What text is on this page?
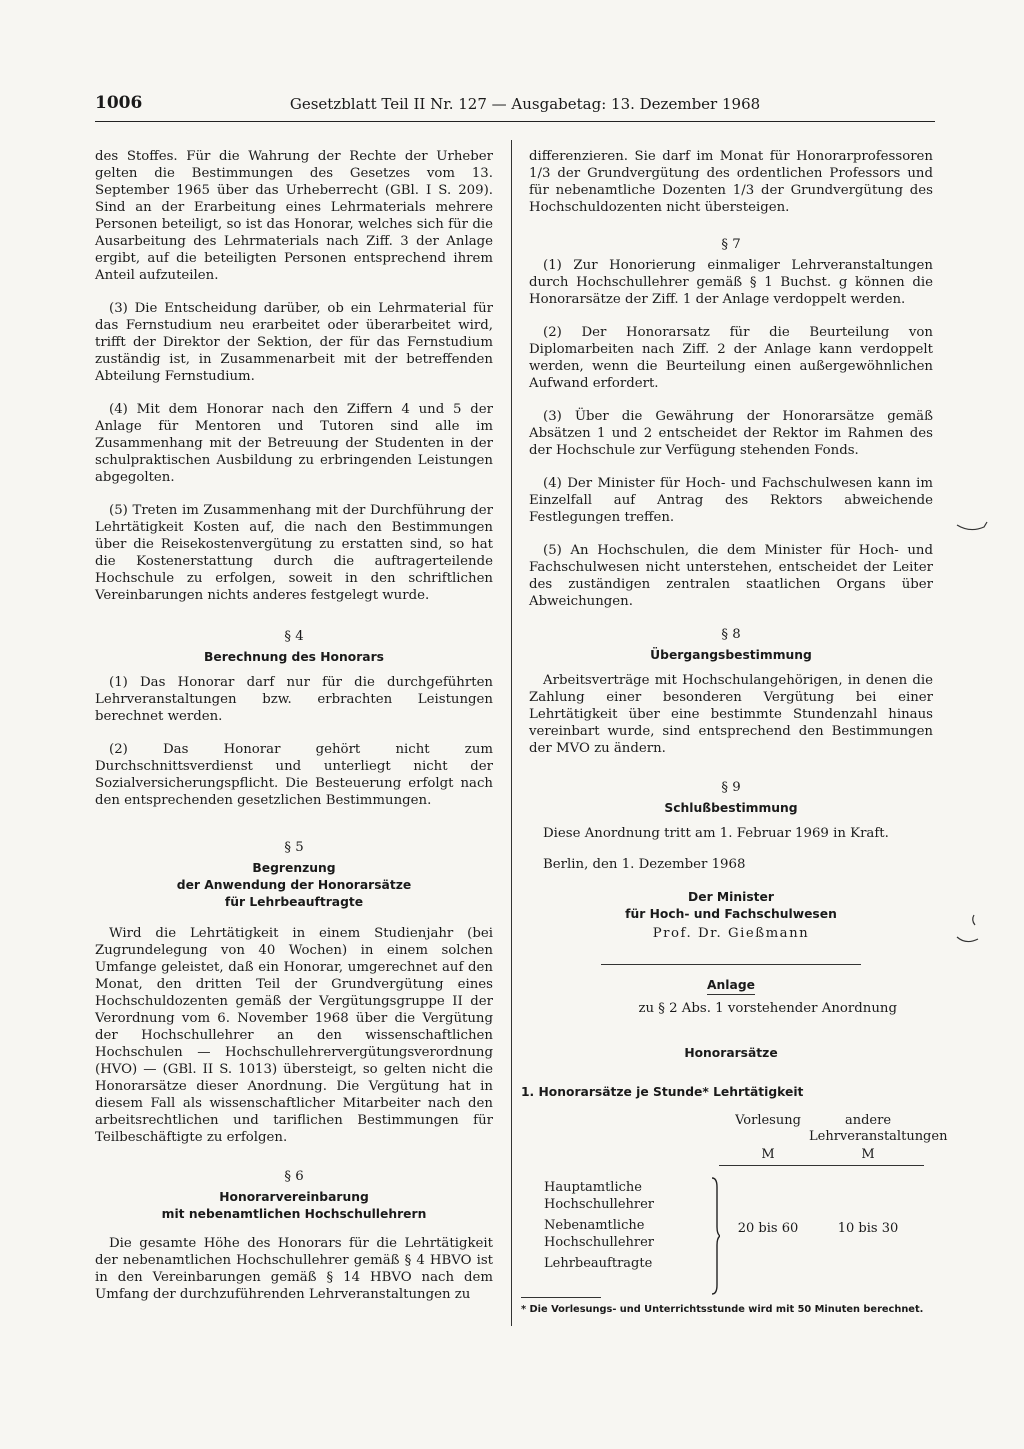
1006	Gesetzblatt Teil II Nr. 127 — Ausgabetag: 13. Dezember 1968

des Stoffes. Für die Wahrung der Rechte der Urheber gelten die Bestimmungen des Gesetzes vom 13. September 1965 über das Urheberrecht (GBl. I S. 209). Sind an der Erarbeitung eines Lehrmaterials mehrere Personen beteiligt, so ist das Honorar, welches sich für die Ausarbeitung des Lehrmaterials nach Ziff. 3 der Anlage ergibt, auf die beteiligten Personen entsprechend ihrem Anteil aufzuteilen.

(3) Die Entscheidung darüber, ob ein Lehrmaterial für das Fernstudium neu erarbeitet oder überarbeitet wird, trifft der Direktor der Sektion, der für das Fernstudium zuständig ist, in Zusammenarbeit mit der betreffenden Abteilung Fernstudium.

(4) Mit dem Honorar nach den Ziffern 4 und 5 der Anlage für Mentoren und Tutoren sind alle im Zusammenhang mit der Betreuung der Studenten in der schulpraktischen Ausbildung zu erbringenden Leistungen abgegolten.

(5) Treten im Zusammenhang mit der Durchführung der Lehrtätigkeit Kosten auf, die nach den Bestimmungen über die Reisekostenvergütung zu erstatten sind, so hat die Kostenerstattung durch die auftragerteilende Hochschule zu erfolgen, soweit in den schriftlichen Vereinbarungen nichts anderes festgelegt wurde.

§ 4
Berechnung des Honorars

(1) Das Honorar darf nur für die durchgeführten Lehrveranstaltungen bzw. erbrachten Leistungen berechnet werden.

(2) Das Honorar gehört nicht zum Durchschnittsverdienst und unterliegt nicht der Sozialversicherungspflicht. Die Besteuerung erfolgt nach den entsprechenden gesetzlichen Bestimmungen.

§ 5
Begrenzung
der Anwendung der Honorarsätze
für Lehrbeauftragte

Wird die Lehrtätigkeit in einem Studienjahr (bei Zugrundelegung von 40 Wochen) in einem solchen Umfange geleistet, daß ein Honorar, umgerechnet auf den Monat, den dritten Teil der Grundvergütung eines Hochschuldozenten gemäß der Vergütungsgruppe II der Verordnung vom 6. November 1968 über die Vergütung der Hochschullehrer an den wissenschaftlichen Hochschulen — Hochschullehrervergütungsverordnung (HVO) — (GBl. II S. 1013) übersteigt, so gelten nicht die Honorarsätze dieser Anordnung. Die Vergütung hat in diesem Fall als wissenschaftlicher Mitarbeiter nach den arbeitsrechtlichen und tariflichen Bestimmungen für Teilbeschäftigte zu erfolgen.

§ 6
Honorarvereinbarung
mit nebenamtlichen Hochschullehrern

Die gesamte Höhe des Honorars für die Lehrtätigkeit der nebenamtlichen Hochschullehrer gemäß § 4 HBVO ist in den Vereinbarungen gemäß § 14 HBVO nach dem Umfang der durchzuführenden Lehrveranstaltungen zu

differenzieren. Sie darf im Monat für Honorarprofessoren 1/3 der Grundvergütung des ordentlichen Professors und für nebenamtliche Dozenten 1/3 der Grundvergütung des Hochschuldozenten nicht übersteigen.

§ 7

(1) Zur Honorierung einmaliger Lehrveranstaltungen durch Hochschullehrer gemäß § 1 Buchst. g können die Honorarsätze der Ziff. 1 der Anlage verdoppelt werden.

(2) Der Honorarsatz für die Beurteilung von Diplomarbeiten nach Ziff. 2 der Anlage kann verdoppelt werden, wenn die Beurteilung einen außergewöhnlichen Aufwand erfordert.

(3) Über die Gewährung der Honorarsätze gemäß Absätzen 1 und 2 entscheidet der Rektor im Rahmen des der Hochschule zur Verfügung stehenden Fonds.

(4) Der Minister für Hoch- und Fachschulwesen kann im Einzelfall auf Antrag des Rektors abweichende Festlegungen treffen.

(5) An Hochschulen, die dem Minister für Hoch- und Fachschulwesen nicht unterstehen, entscheidet der Leiter des zuständigen zentralen staatlichen Organs über Abweichungen.

§ 8
Übergangsbestimmung

Arbeitsverträge mit Hochschulangehörigen, in denen die Zahlung einer besonderen Vergütung bei einer Lehrtätigkeit über eine bestimmte Stundenzahl hinaus vereinbart wurde, sind entsprechend den Bestimmungen der MVO zu ändern.

§ 9
Schlußbestimmung

Diese Anordnung tritt am 1. Februar 1969 in Kraft.

Berlin, den 1. Dezember 1968
Der Minister
für Hoch- und Fachschulwesen
Prof. Dr. Gießmann
Anlage
zu § 2 Abs. 1 vorstehender Anordnung
Honorarsätze
1. Honorarsätze je Stunde* Lehrtätigkeit
Vorlesung	andere Lehrveranstaltungen
M	M
Hauptamtliche Hochschullehrer
Nebenamtliche Hochschullehrer
Lehrbeauftragte
20 bis 60	10 bis 30
* Die Vorlesungs- und Unterrichtsstunde wird mit 50 Minuten berechnet.
